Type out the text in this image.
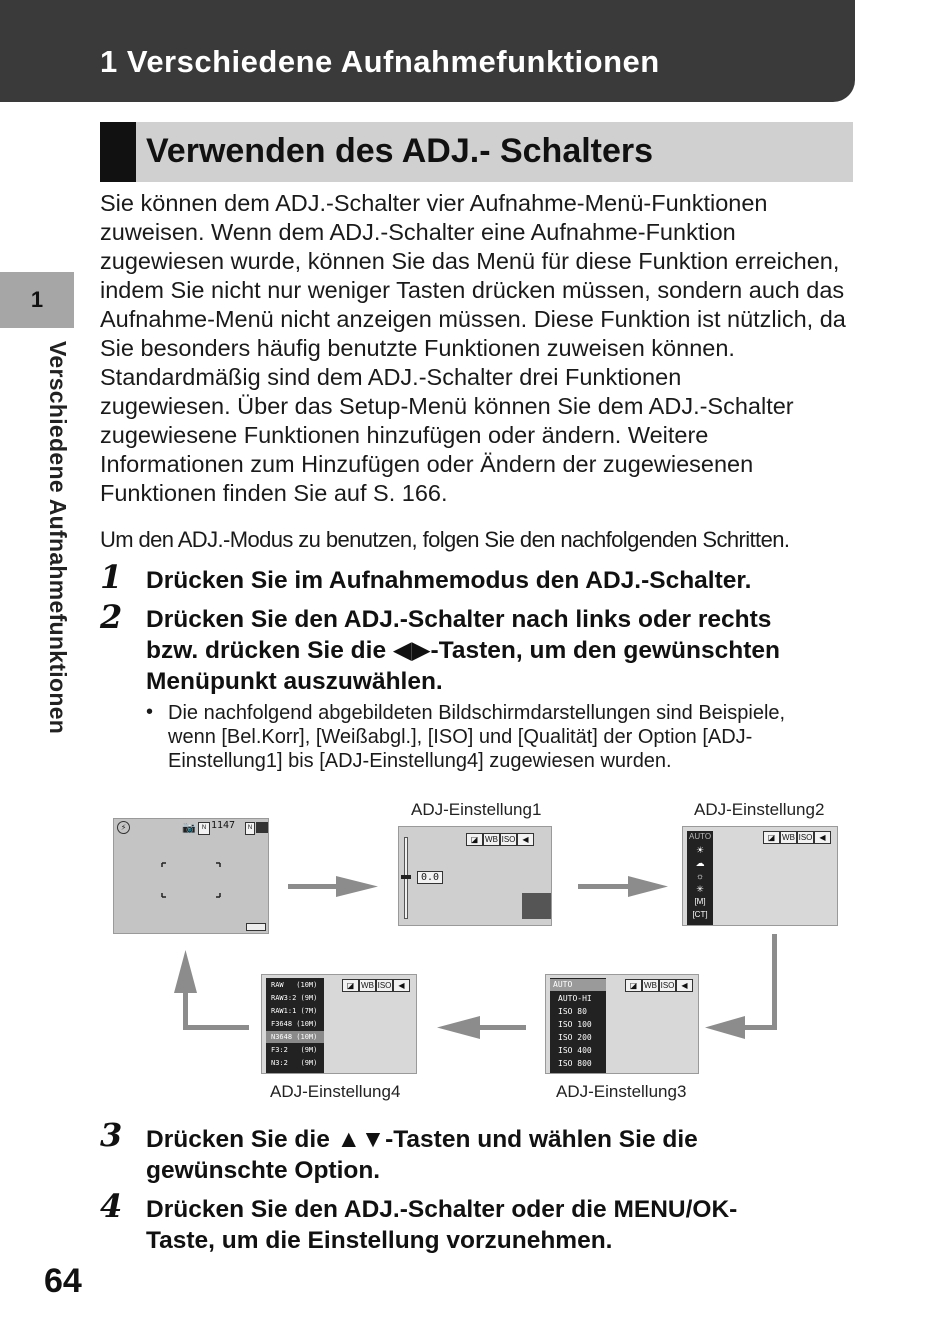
1 Verschiedene Aufnahmefunktionen
Verwenden des ADJ.- Schalters
1
Verschiedene Aufnahmefunktionen
Sie können dem ADJ.-Schalter vier Aufnahme-Menü-Funktionen
zuweisen. Wenn dem ADJ.-Schalter eine Aufnahme-Funktion
zugewiesen wurde, können Sie das Menü für diese Funktion erreichen,
indem Sie nicht nur weniger Tasten drücken müssen, sondern auch das
Aufnahme-Menü nicht anzeigen müssen. Diese Funktion ist nützlich, da
Sie besonders häufig benutzte Funktionen zuweisen können.
Standardmäßig sind dem ADJ.-Schalter drei Funktionen
zugewiesen. Über das Setup-Menü können Sie dem ADJ.-Schalter
zugewiesene Funktionen hinzufügen oder ändern. Weitere
Informationen zum Hinzufügen oder Ändern der zugewiesenen
Funktionen finden Sie auf S. 166.
Um den ADJ.-Modus zu benutzen, folgen Sie den nachfolgenden Schritten.
1 Drücken Sie im Aufnahmemodus den ADJ.-Schalter.
2 Drücken Sie den ADJ.-Schalter nach links oder rechts
bzw. drücken Sie die ◀▶-Tasten, um den gewünschten
Menüpunkt auszuwählen.
• Die nachfolgend abgebildeten Bildschirmdarstellungen sind Beispiele,
wenn [Bel.Korr], [Weißabgl.], [ISO] und [Qualität] der Option [ADJ-
Einstellung1] bis [ADJ-Einstellung4] zugewiesen wurden.
ADJ-Einstellung1	ADJ-Einstellung2
ADJ-Einstellung4	ADJ-Einstellung3
⚡	📷	N 1147	N
0.0
◪ WB ISO ◀	AUTO
☀
☁
☼
✳
[M]
[CT]
◪ WB ISO ◀
AUTO
AUTO-HI
ISO 80
ISO 100
ISO 200
ISO 400
ISO 800
◪ WB ISO ◀
RAW   (10M)
RAW3:2 (9M)
RAW1:1 (7M)
F3648 (10M)
N3648 (10M)
F3:2   (9M)
N3:2   (9M)
◪ WB ISO ◀
3 Drücken Sie die ▲▼-Tasten und wählen Sie die
gewünschte Option.
4 Drücken Sie den ADJ.-Schalter oder die MENU/OK-
Taste, um die Einstellung vorzunehmen.
64
